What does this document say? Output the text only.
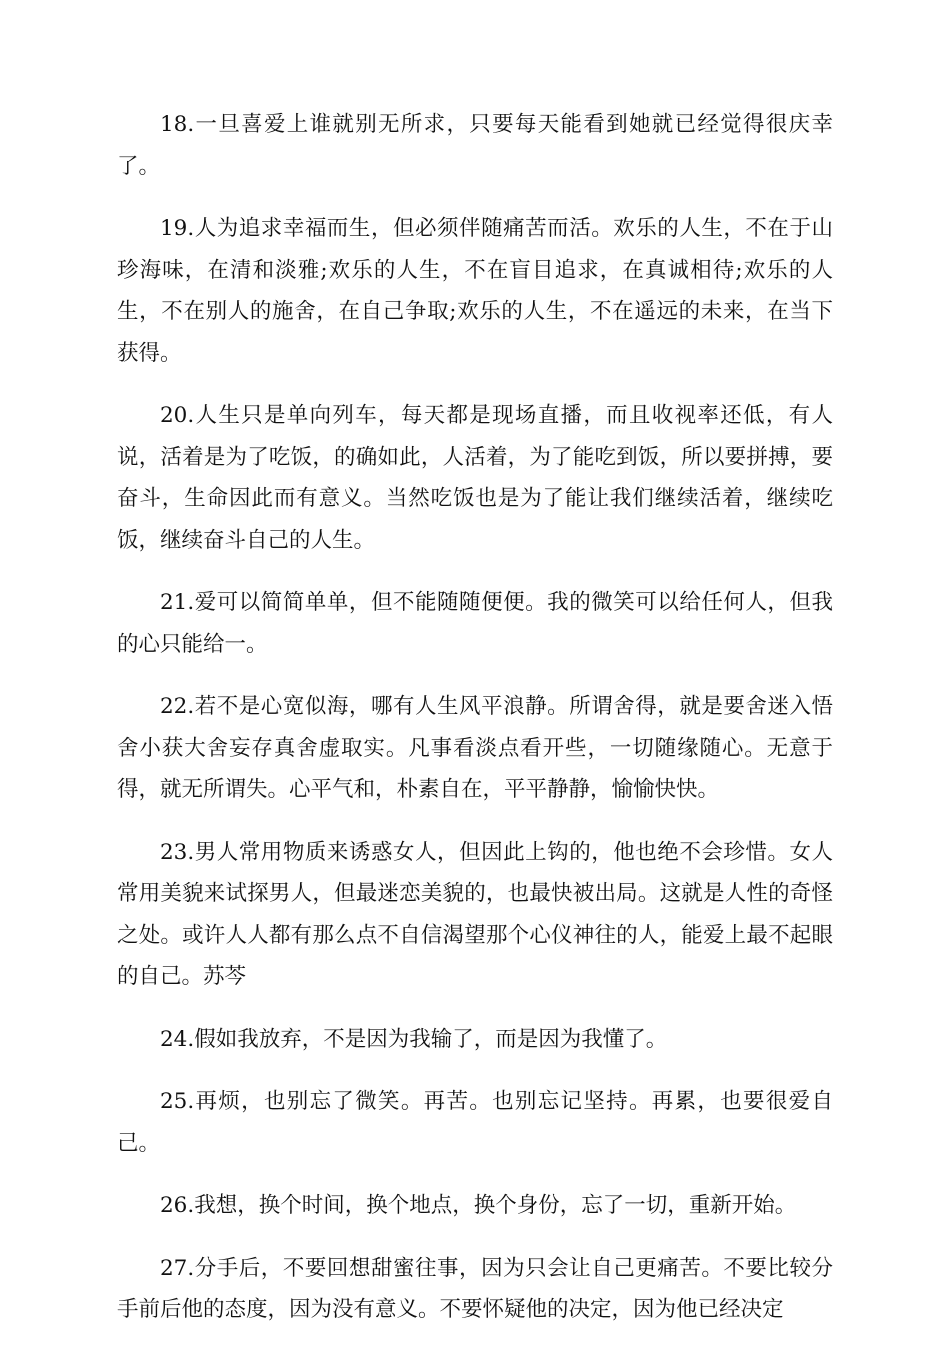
18.一旦喜爱上谁就别无所求，只要每天能看到她就已经觉得很庆幸了。

19.人为追求幸福而生，但必须伴随痛苦而活。欢乐的人生，不在于山珍海味，在清和淡雅;欢乐的人生，不在盲目追求，在真诚相待;欢乐的人生，不在别人的施舍，在自己争取;欢乐的人生，不在遥远的未来，在当下获得。

20.人生只是单向列车，每天都是现场直播，而且收视率还低，有人说，活着是为了吃饭，的确如此，人活着，为了能吃到饭，所以要拼搏，要奋斗，生命因此而有意义。当然吃饭也是为了能让我们继续活着，继续吃饭，继续奋斗自己的人生。

21.爱可以简简单单，但不能随随便便。我的微笑可以给任何人，但我的心只能给一。

22.若不是心宽似海，哪有人生风平浪静。所谓舍得，就是要舍迷入悟舍小获大舍妄存真舍虚取实。凡事看淡点看开些，一切随缘随心。无意于得，就无所谓失。心平气和，朴素自在，平平静静，愉愉快快。

23.男人常用物质来诱惑女人，但因此上钩的，他也绝不会珍惜。女人常用美貌来试探男人，但最迷恋美貌的，也最快被出局。这就是人性的奇怪之处。或许人人都有那么点不自信渴望那个心仪神往的人，能爱上最不起眼的自己。苏芩

24.假如我放弃，不是因为我输了，而是因为我懂了。

25.再烦，也别忘了微笑。再苦。也别忘记坚持。再累，也要很爱自己。

26.我想，换个时间，换个地点，换个身份，忘了一切，重新开始。

27.分手后，不要回想甜蜜往事，因为只会让自己更痛苦。不要比较分手前后他的态度，因为没有意义。不要怀疑他的决定，因为他已经决定
